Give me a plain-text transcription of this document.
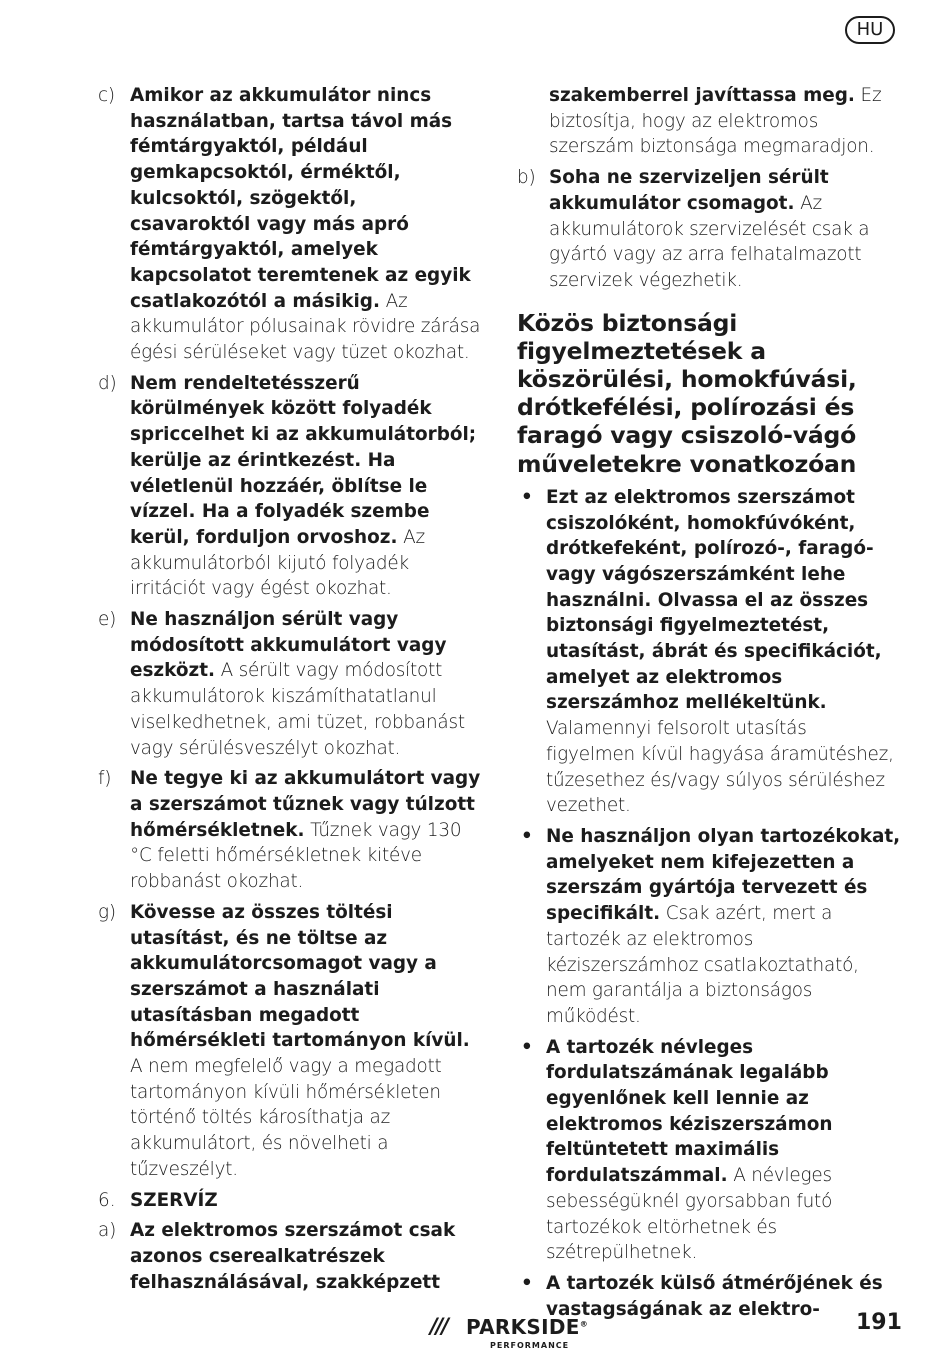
HU
c) Amikor az akkumulátor nincs használatban, tartsa távol más fémtárgyaktól, például gemkapcsoktól, érméktől, kulcsoktól, szögektől, csavaroktól vagy más apró fémtárgyaktól, amelyek kapcsolatot teremtenek az egyik csatlakozótól a másikig. Az akkumulátor pólusainak rövidre zárása égési sérüléseket vagy tüzet okozhat.
d) Nem rendeltetésszerű körülmények között folyadék spriccelhet ki az akkumulátorból; kerülje az érintkezést. Ha véletlenül hozzáér, öblítse le vízzel. Ha a folyadék szembe kerül, forduljon orvoshoz. Az akkumulátorból kijutó folyadék irritációt vagy égést okozhat.
e) Ne használjon sérült vagy módosított akkumulátort vagy eszközt. A sérült vagy módosított akkumulátorok kiszámíthatatlanul viselkedhetnek, ami tüzet, robbanást vagy sérülésveszélyt okozhat.
f) Ne tegye ki az akkumulátort vagy a szerszámot tűznek vagy túlzott hőmérsékletnek. Tűznek vagy 130 °C feletti hőmérsékletnek kitéve robbanást okozhat.
g) Kövesse az összes töltési utasítást, és ne töltse az akkumulátorcsomagot vagy a szerszámot a használati utasításban megadott hőmérsékleti tartományon kívül. A nem megfelelő vagy a megadott tartományon kívüli hőmérsékleten történő töltés károsíthatja az akkumulátort, és növelheti a tűzveszélyt.
6. SZERVÍZ
a) Az elektromos szerszámot csak azonos cserealkatrészek felhasználásával, szakképzett
szakemberrel javíttassa meg. Ez biztosítja, hogy az elektromos szerszám biztonsága megmaradjon.
b) Soha ne szervizeljen sérült akkumulátor csomagot. Az akkumulátorok szervizelését csak a gyártó vagy az arra felhatalmazott szervizek végezhetik.
Közös biztonsági figyelmeztetések a köszörülési, homokfúvási, drótkefélési, polírozási és faragó vagy csiszoló-vágó műveletekre vonatkozóan
• Ezt az elektromos szerszámot csiszolóként, homokfúvóként, drótkefeként, polírozó-, faragó- vagy vágószerszámként lehe használni. Olvassa el az összes biztonsági figyelmeztetést, utasítást, ábrát és specifikációt, amelyet az elektromos szerszámhoz mellékeltünk. Valamennyi felsorolt utasítás figyelmen kívül hagyása áramütéshez, tűzesethez és/vagy súlyos sérüléshez vezethet.
• Ne használjon olyan tartozékokat, amelyeket nem kifejezetten a szerszám gyártója tervezett és specifikált. Csak azért, mert a tartozék az elektromos kéziszerszámhoz csatlakoztatható, nem garantálja a biztonságos működést.
• A tartozék névleges fordulatszámának legalább egyenlőnek kell lennie az elektromos kéziszerszámon feltüntetett maximális fordulatszámmal. A névleges sebességüknél gyorsabban futó tartozékok eltörhetnek és szétrepülhetnek.
• A tartozék külső átmérőjének és vastagságának az elektro-
/// PARKSIDE®
PERFORMANCE
191
